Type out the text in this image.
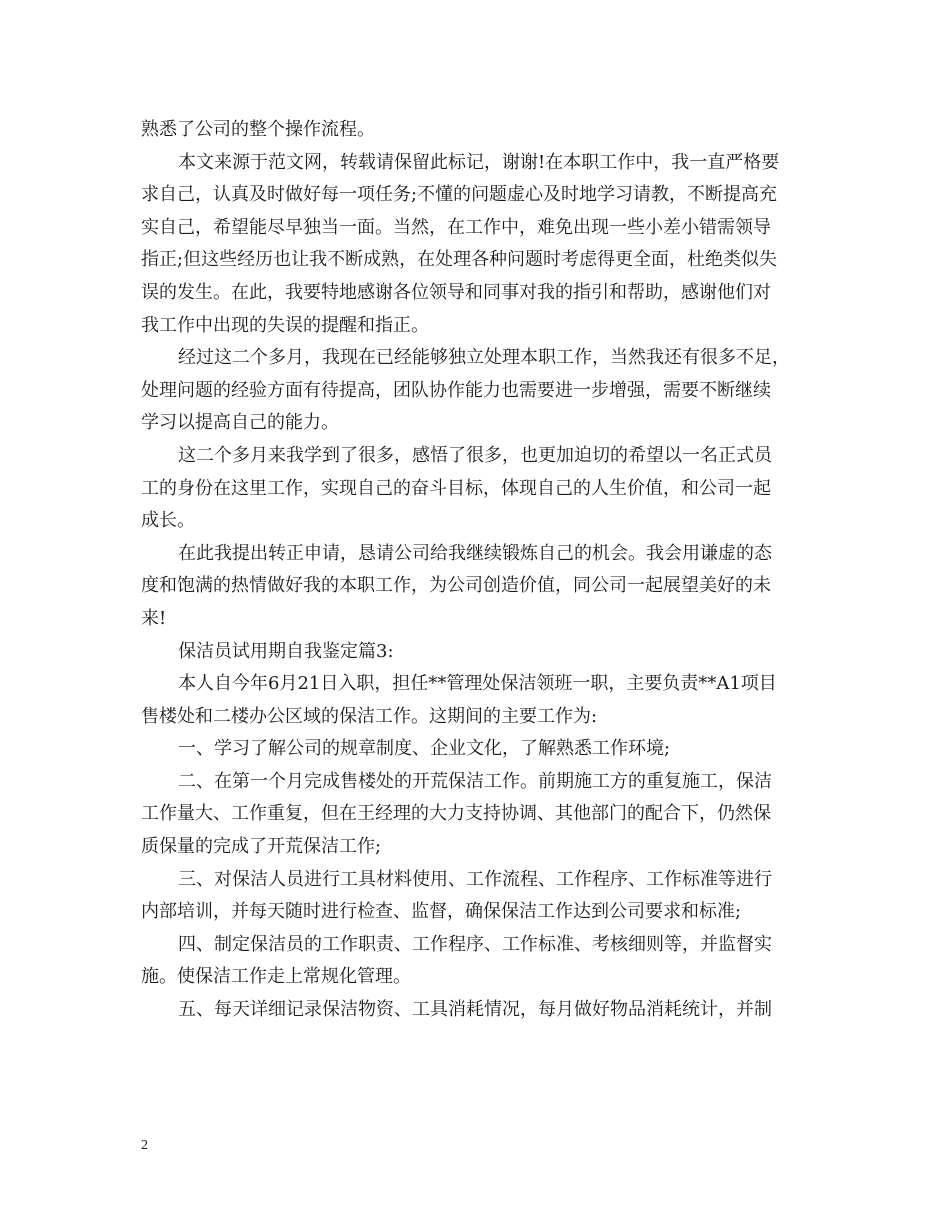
熟悉了公司的整个操作流程。
本文来源于范文网，转载请保留此标记，谢谢!在本职工作中，我一直严格要
求自己，认真及时做好每一项任务;不懂的问题虚心及时地学习请教，不断提高充
实自己，希望能尽早独当一面。当然，在工作中，难免出现一些小差小错需领导
指正;但这些经历也让我不断成熟，在处理各种问题时考虑得更全面，杜绝类似失
误的发生。在此，我要特地感谢各位领导和同事对我的指引和帮助，感谢他们对
我工作中出现的失误的提醒和指正。
经过这二个多月，我现在已经能够独立处理本职工作，当然我还有很多不足，
处理问题的经验方面有待提高，团队协作能力也需要进一步增强，需要不断继续
学习以提高自己的能力。
这二个多月来我学到了很多，感悟了很多，也更加迫切的希望以一名正式员
工的身份在这里工作，实现自己的奋斗目标，体现自己的人生价值，和公司一起
成长。
在此我提出转正申请，恳请公司给我继续锻炼自己的机会。我会用谦虚的态
度和饱满的热情做好我的本职工作，为公司创造价值，同公司一起展望美好的未
来!
保洁员试用期自我鉴定篇3:
本人自今年6月21日入职，担任**管理处保洁领班一职，主要负责**A1项目
售楼处和二楼办公区域的保洁工作。这期间的主要工作为:
一、学习了解公司的规章制度、企业文化，了解熟悉工作环境;
二、在第一个月完成售楼处的开荒保洁工作。前期施工方的重复施工，保洁
工作量大、工作重复，但在王经理的大力支持协调、其他部门的配合下，仍然保
质保量的完成了开荒保洁工作;
三、对保洁人员进行工具材料使用、工作流程、工作程序、工作标准等进行
内部培训，并每天随时进行检查、监督，确保保洁工作达到公司要求和标准;
四、制定保洁员的工作职责、工作程序、工作标准、考核细则等，并监督实
施。使保洁工作走上常规化管理。
五、每天详细记录保洁物资、工具消耗情况，每月做好物品消耗统计，并制
2
